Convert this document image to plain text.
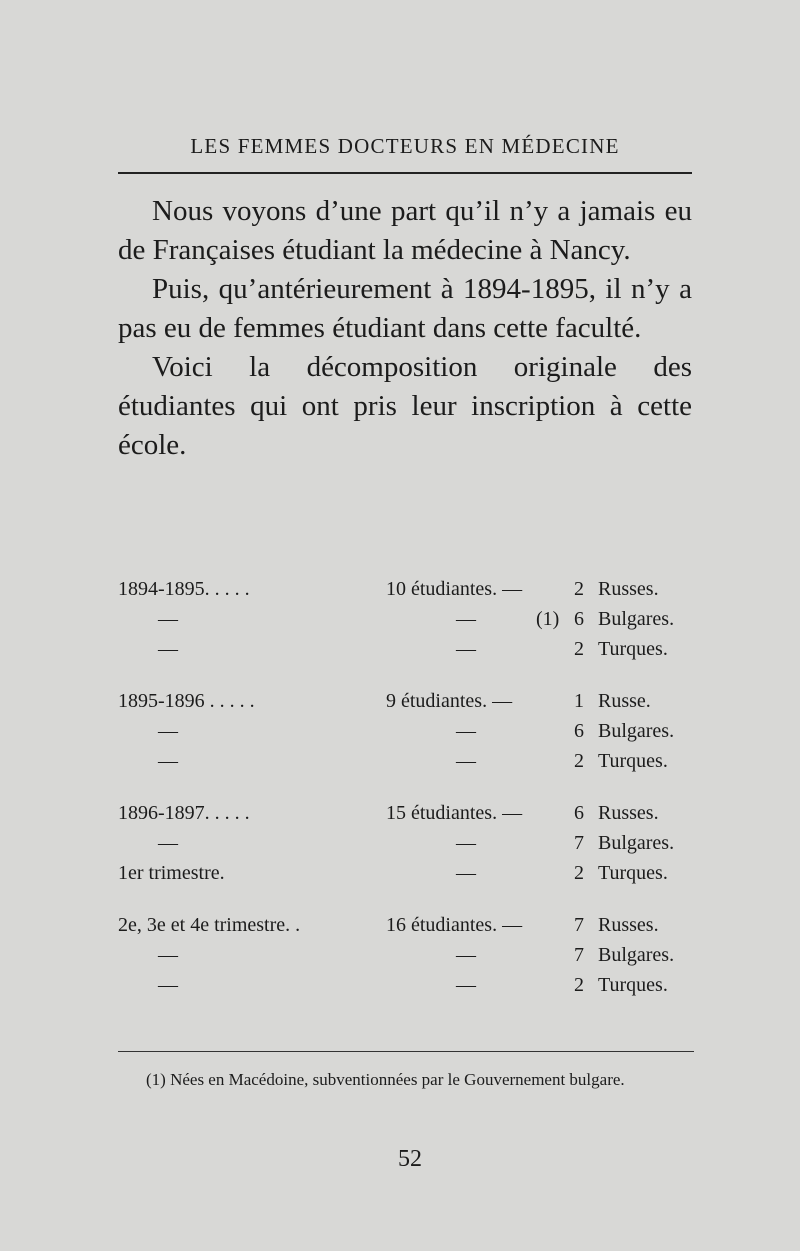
LES FEMMES DOCTEURS EN MÉDECINE

Nous voyons d’une part qu’il n’y a jamais eu de Françaises étudiant la médecine à Nancy.

Puis, qu’antérieurement à 1894-1895, il n’y a pas eu de femmes étudiant dans cette faculté.

Voici la décomposition originale des étudiantes qui ont pris leur inscription à cette école.

1894-1895. . . . .	10 étudiantes. —	2 Russes.
—	—	(1) 6 Bulgares.
—	—	2 Turques.
1895-1896 . . . . .	9 étudiantes. —	1 Russe.
—	—	6 Bulgares.
—	—	2 Turques.
1896-1897. . . . .	15 étudiantes. —	6 Russes.
—	—	7 Bulgares.
1er trimestre.	—	2 Turques.
2e, 3e et 4e trimestre. .	16 étudiantes. —	7 Russes.
—	—	7 Bulgares.
—	—	2 Turques.
(1) Nées en Macédoine, subventionnées par le Gouvernement bulgare.
52
